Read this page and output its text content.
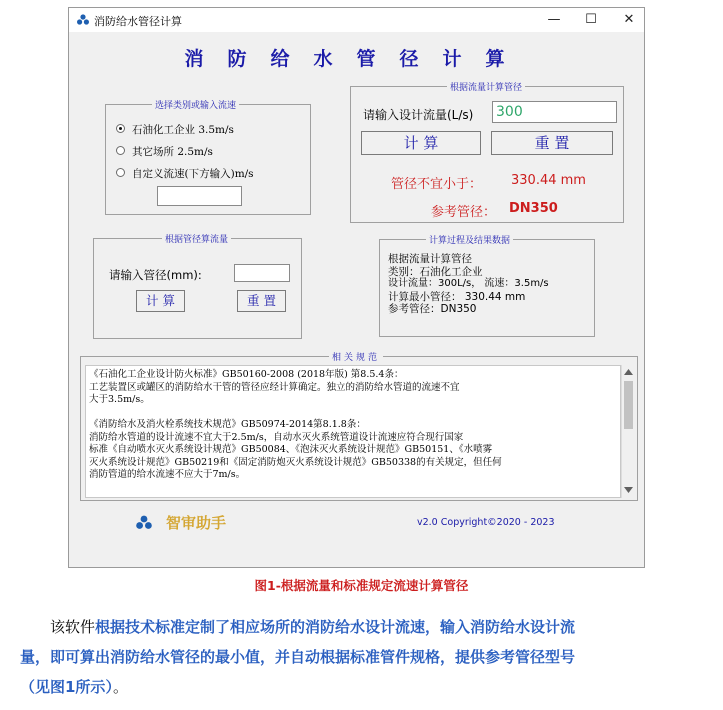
消防给水管径计算	—	☐	✕
消防给水管径计算
选择类别或输入流速
石油化工企业 3.5m/s
其它场所 2.5m/s
自定义流速(下方输入)m/s
根据流量计算管径
请输入设计流量(L/s) 300
计 算	重 置
管径不宜小于： 330.44 mm
参考管径： DN350
根据管径算流量
请输入管径(mm):
计 算	重 置
计算过程及结果数据
根据流量计算管径
类别：石油化工企业
设计流量：300L/s， 流速：3.5m/s
计算最小管径： 330.44 mm
参考管径：DN350
相关规范
《石油化工企业设计防火标准》GB50160-2008 (2018年版) 第8.5.4条：
工艺装置区或罐区的消防给水干管的管径应经计算确定。独立的消防给水管道的流速不宜
大于3.5m/s。
《消防给水及消火栓系统技术规范》GB50974-2014第8.1.8条：
消防给水管道的设计流速不宜大于2.5m/s，自动水灭火系统管道设计流速应符合现行国家
标准《自动喷水灭火系统设计规范》GB50084、《泡沫灭火系统设计规范》GB50151、《水喷雾
灭火系统设计规范》GB50219和《固定消防炮灭火系统设计规范》GB50338的有关规定，但任何
消防管道的给水流速不应大于7m/s。
智审助手	v2.0 Copyright©2020 - 2023
图1-根据流量和标准规定流速计算管径
该软件根据技术标准定制了相应场所的消防给水设计流速，输入消防给水设计流
量，即可算出消防给水管径的最小值，并自动根据标准管件规格，提供参考管径型号
（见图1所示）。
